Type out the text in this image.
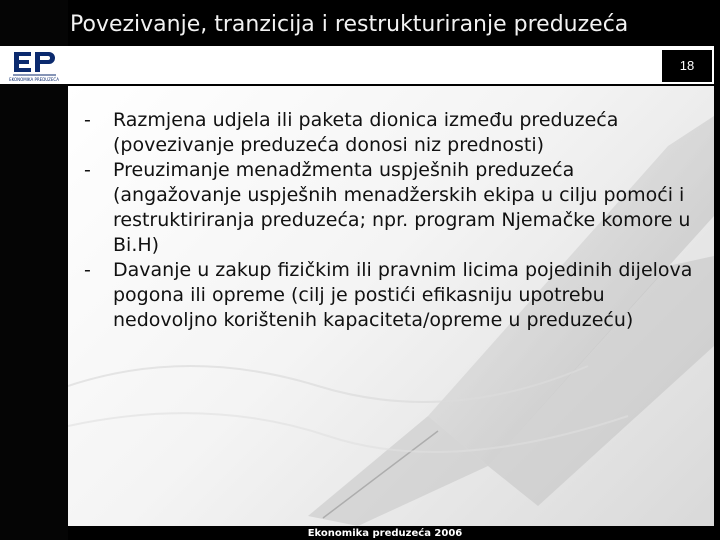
Povezivanje, tranzicija i restrukturiranje preduzeća
EKONOMIKA PREDUZEĆA
18
-	Razmjena udjela ili paketa dionica između preduzeća (povezivanje preduzeća donosi niz prednosti)
-	Preuzimanje menadžmenta uspješnih preduzeća (angažovanje uspješnih menadžerskih ekipa u cilju pomoći i restruktiriranja preduzeća; npr. program Njemačke komore u Bi.H)
-	Davanje u zakup fizičkim ili pravnim licima pojedinih dijelova pogona ili opreme (cilj je postići efikasniju upotrebu nedovoljno korištenih kapaciteta/opreme u preduzeću)
Ekonomika preduzeća 2006
